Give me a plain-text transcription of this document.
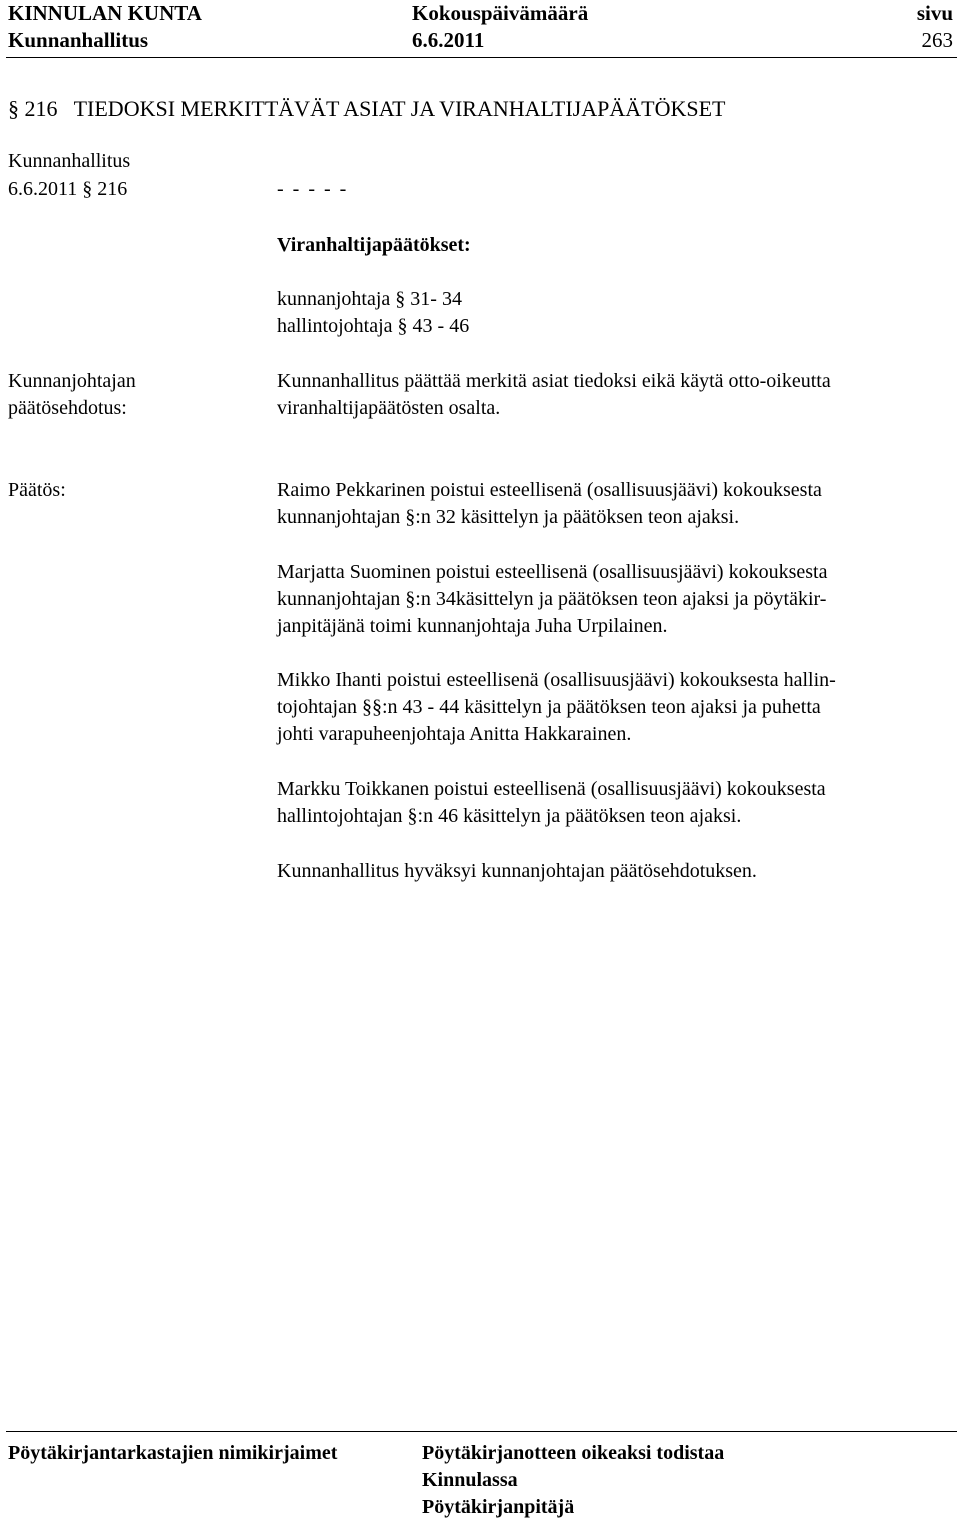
KINNULAN KUNTA
Kunnanhallitus
Kokouspäivämäärä
6.6.2011
sivu
263
§ 216   TIEDOKSI MERKITTÄVÄT ASIAT JA VIRANHALTIJAPÄÄTÖKSET
Kunnanhallitus
6.6.2011 § 216	- - - - -
Viranhaltijapäätökset:
kunnanjohtaja § 31- 34
hallintojohtaja § 43 - 46
Kunnanjohtajan
päätösehdotus:
Kunnanhallitus päättää merkitä asiat tiedoksi eikä käytä otto-oikeutta
viranhaltijapäätösten osalta.
Päätös:	Raimo Pekkarinen poistui esteellisenä (osallisuusjäävi) kokouksesta

kunnanjohtajan §:n 32 käsittelyn ja päätöksen teon ajaksi.

Marjatta Suominen poistui esteellisenä (osallisuusjäävi) kokouksesta

kunnanjohtajan §:n 34käsittelyn ja päätöksen teon ajaksi ja pöytäkir-

janpitäjänä toimi kunnanjohtaja Juha Urpilainen.

Mikko Ihanti poistui esteellisenä (osallisuusjäävi) kokouksesta hallin-

tojohtajan §§:n 43 - 44 käsittelyn ja päätöksen teon ajaksi ja puhetta

johti varapuheenjohtaja Anitta Hakkarainen.

Markku Toikkanen poistui esteellisenä (osallisuusjäävi) kokouksesta

hallintojohtajan §:n 46 käsittelyn ja päätöksen teon ajaksi.

Kunnanhallitus hyväksyi kunnanjohtajan päätösehdotuksen.

Pöytäkirjantarkastajien nimikirjaimet	Pöytäkirjanotteen oikeaksi todistaa
Kinnulassa
Pöytäkirjanpitäjä
